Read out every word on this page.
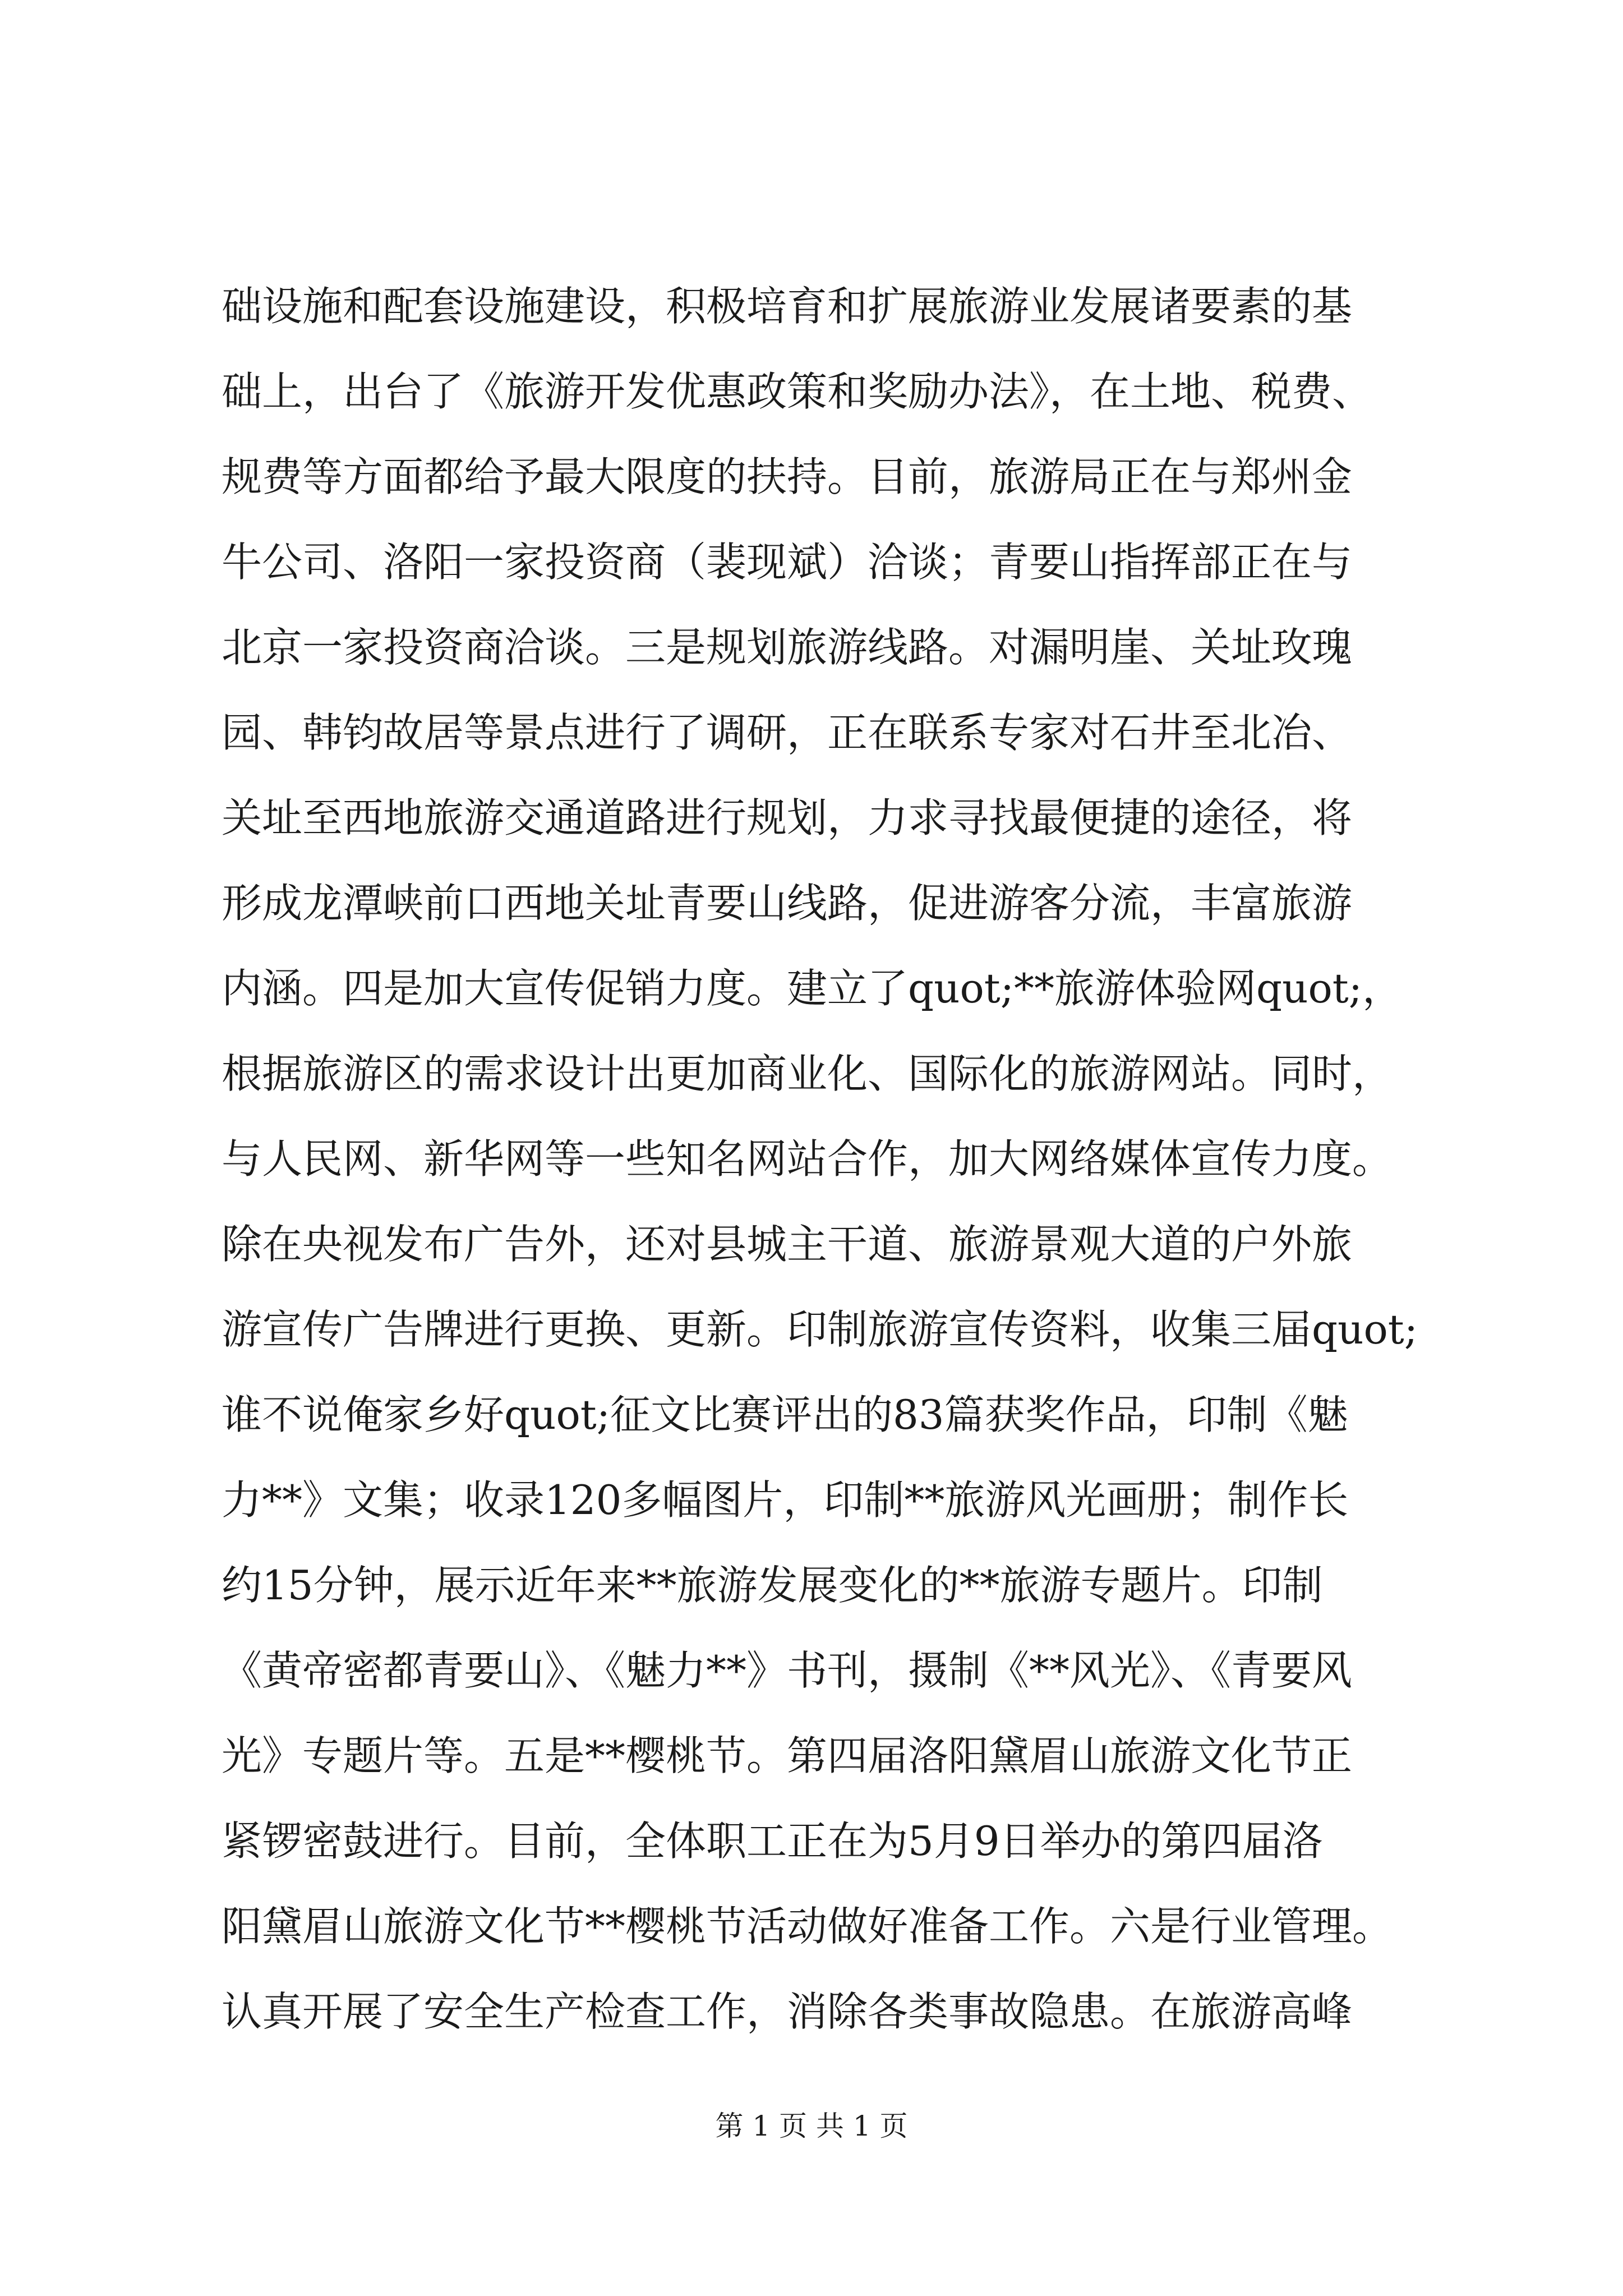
础设施和配套设施建设，积极培育和扩展旅游业发展诸要素的基
础上，出台了《旅游开发优惠政策和奖励办法》，在土地、税费、
规费等方面都给予最大限度的扶持。目前，旅游局正在与郑州金
牛公司、洛阳一家投资商（裴现斌）洽谈；青要山指挥部正在与
北京一家投资商洽谈。三是规划旅游线路。对漏明崖、关址玫瑰
园、韩钧故居等景点进行了调研，正在联系专家对石井至北冶、
关址至西地旅游交通道路进行规划，力求寻找最便捷的途径，将
形成龙潭峡前口西地关址青要山线路，促进游客分流，丰富旅游
内涵。四是加大宣传促销力度。建立了quot;**旅游体验网quot;，
根据旅游区的需求设计出更加商业化、国际化的旅游网站。同时，
与人民网、新华网等一些知名网站合作，加大网络媒体宣传力度。
除在央视发布广告外，还对县城主干道、旅游景观大道的户外旅
游宣传广告牌进行更换、更新。印制旅游宣传资料，收集三届quot;
谁不说俺家乡好quot;征文比赛评出的83篇获奖作品，印制《魅
力**》文集；收录120多幅图片，印制**旅游风光画册；制作长
约15分钟，展示近年来**旅游发展变化的**旅游专题片。印制
《黄帝密都青要山》、《魅力**》书刊，摄制《**风光》、《青要风
光》专题片等。五是**樱桃节。第四届洛阳黛眉山旅游文化节正
紧锣密鼓进行。目前，全体职工正在为5月9日举办的第四届洛
阳黛眉山旅游文化节**樱桃节活动做好准备工作。六是行业管理。
认真开展了安全生产检查工作，消除各类事故隐患。在旅游高峰
第 1 页 共 1 页
